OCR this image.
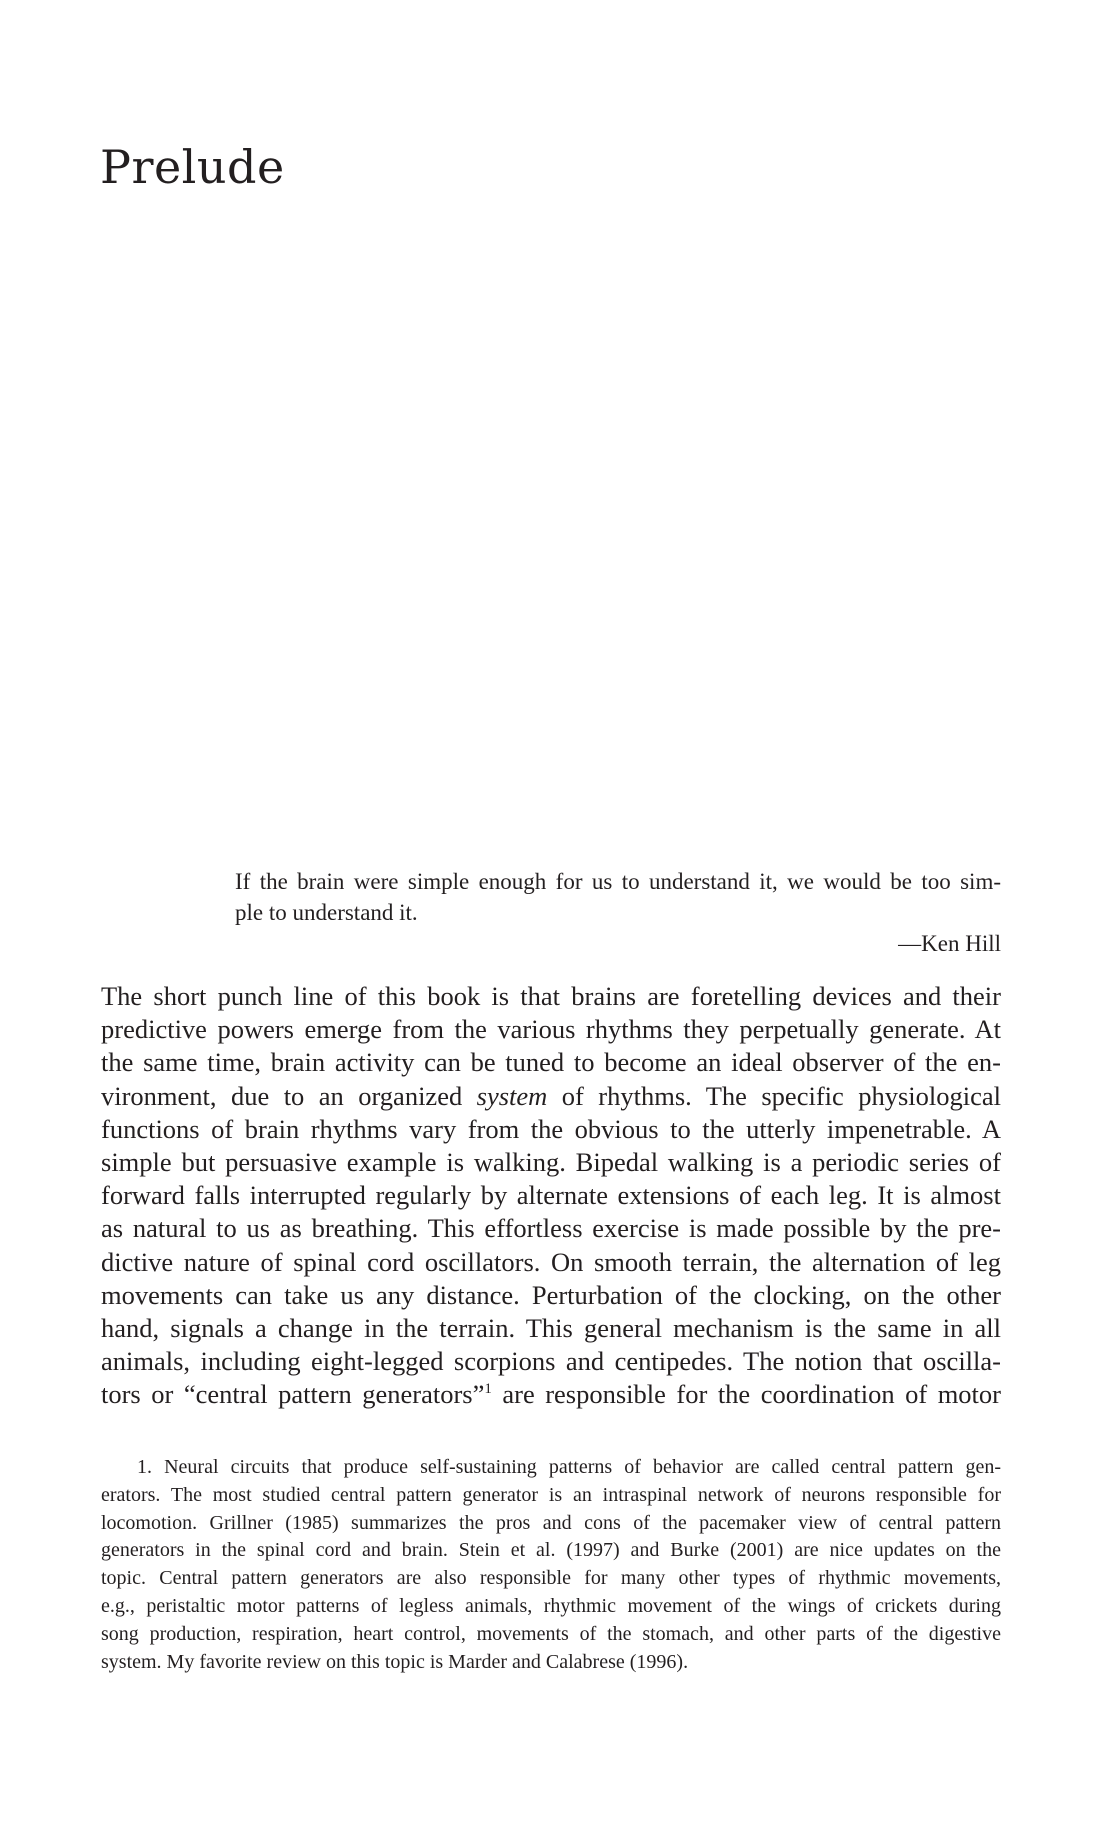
Prelude
If the brain were simple enough for us to understand it, we would be too sim-
ple to understand it.
—Ken Hill
The short punch line of this book is that brains are foretelling devices and their
predictive powers emerge from the various rhythms they perpetually generate. At
the same time, brain activity can be tuned to become an ideal observer of the en-
vironment, due to an organized system of rhythms. The specific physiological
functions of brain rhythms vary from the obvious to the utterly impenetrable. A
simple but persuasive example is walking. Bipedal walking is a periodic series of
forward falls interrupted regularly by alternate extensions of each leg. It is almost
as natural to us as breathing. This effortless exercise is made possible by the pre-
dictive nature of spinal cord oscillators. On smooth terrain, the alternation of leg
movements can take us any distance. Perturbation of the clocking, on the other
hand, signals a change in the terrain. This general mechanism is the same in all
animals, including eight-legged scorpions and centipedes. The notion that oscilla-
tors or “central pattern generators”$^1$ are responsible for the coordination of motor
1. Neural circuits that produce self-sustaining patterns of behavior are called central pattern gen-
erators. The most studied central pattern generator is an intraspinal network of neurons responsible for
locomotion. Grillner (1985) summarizes the pros and cons of the pacemaker view of central pattern
generators in the spinal cord and brain. Stein et al. (1997) and Burke (2001) are nice updates on the
topic. Central pattern generators are also responsible for many other types of rhythmic movements,
e.g., peristaltic motor patterns of legless animals, rhythmic movement of the wings of crickets during
song production, respiration, heart control, movements of the stomach, and other parts of the digestive
system. My favorite review on this topic is Marder and Calabrese (1996).
